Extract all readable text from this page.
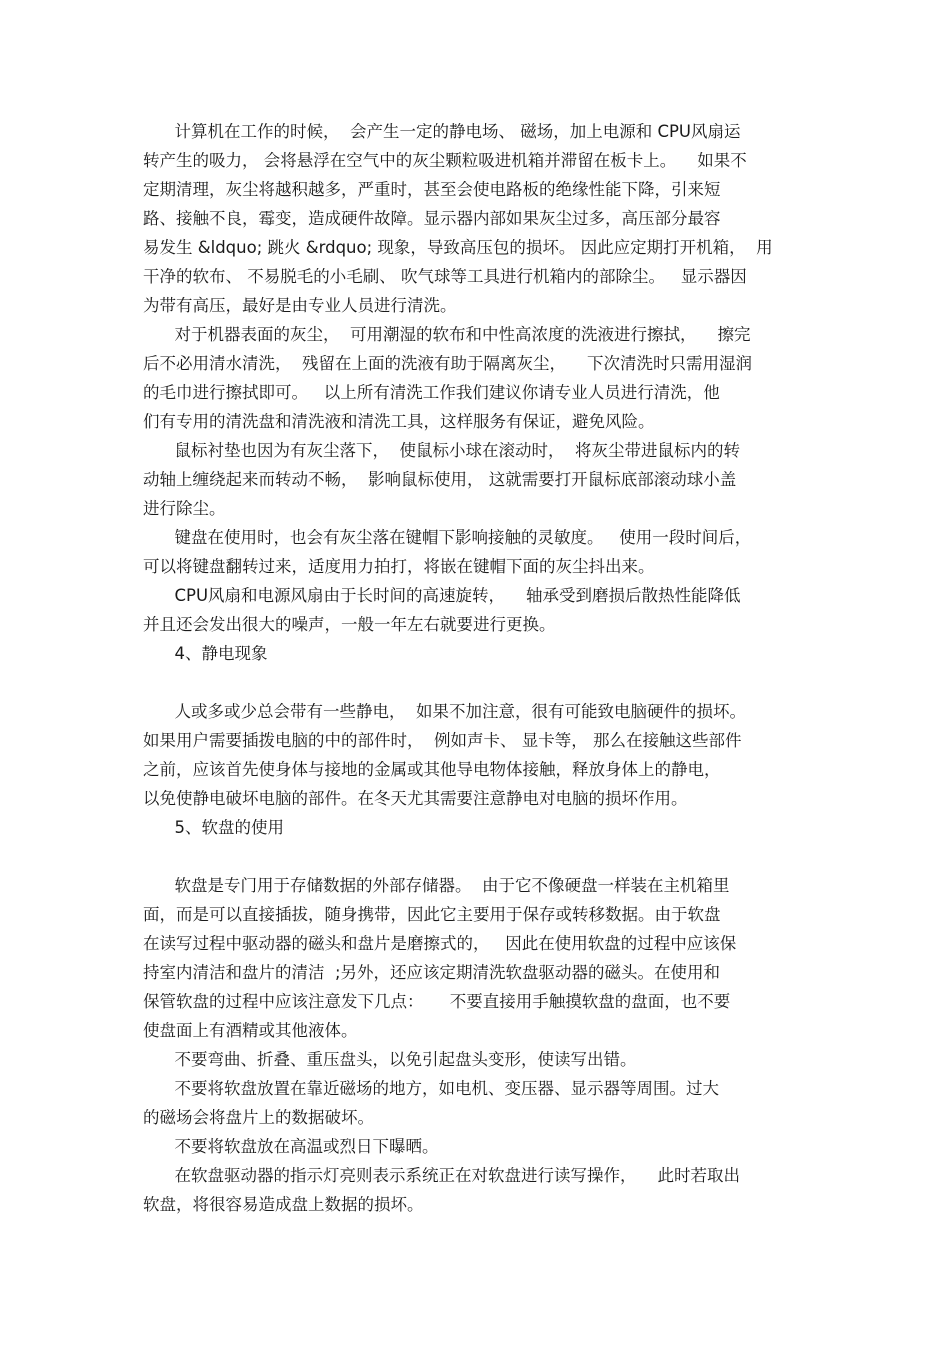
计算机在工作的时候，  会产生一定的静电场、 磁场，加上电源和 CPU风扇运
转产生的吸力， 会将悬浮在空气中的灰尘颗粒吸进机箱并滞留在板卡上。    如果不
定期清理，灰尘将越积越多，严重时，甚至会使电路板的绝缘性能下降，引来短
路、接触不良，霉变，造成硬件故障。显示器内部如果灰尘过多，高压部分最容
易发生 &ldquo; 跳火 &rdquo; 现象，导致高压包的损坏。 因此应定期打开机箱，  用
干净的软布、 不易脱毛的小毛刷、 吹气球等工具进行机箱内的部除尘。   显示器因
为带有高压，最好是由专业人员进行清洗。
对于机器表面的灰尘，  可用潮湿的软布和中性高浓度的洗液进行擦拭，    擦完
后不必用清水清洗，  残留在上面的洗液有助于隔离灰尘，    下次清洗时只需用湿润
的毛巾进行擦拭即可。   以上所有清洗工作我们建议你请专业人员进行清洗，他
们有专用的清洗盘和清洗液和清洗工具，这样服务有保证，避免风险。
鼠标衬垫也因为有灰尘落下，  使鼠标小球在滚动时，  将灰尘带进鼠标内的转
动轴上缠绕起来而转动不畅，  影响鼠标使用， 这就需要打开鼠标底部滚动球小盖
进行除尘。
键盘在使用时，也会有灰尘落在键帽下影响接触的灵敏度。   使用一段时间后，
可以将键盘翻转过来，适度用力拍打，将嵌在键帽下面的灰尘抖出来。
CPU风扇和电源风扇由于长时间的高速旋转，    轴承受到磨损后散热性能降低
并且还会发出很大的噪声，一般一年左右就要进行更换。
4、静电现象
人或多或少总会带有一些静电，  如果不加注意，很有可能致电脑硬件的损坏。
如果用户需要插拨电脑的中的部件时，  例如声卡、 显卡等， 那么在接触这些部件
之前，应该首先使身体与接地的金属或其他导电物体接触，释放身体上的静电，
以免使静电破坏电脑的部件。在冬天尤其需要注意静电对电脑的损坏作用。
5、软盘的使用
软盘是专门用于存储数据的外部存储器。  由于它不像硬盘一样装在主机箱里
面，而是可以直接插拔，随身携带，因此它主要用于保存或转移数据。由于软盘
在读写过程中驱动器的磁头和盘片是磨擦式的，   因此在使用软盘的过程中应该保
持室内清洁和盘片的清洁  ;另外，还应该定期清洗软盘驱动器的磁头。在使用和
保管软盘的过程中应该注意发下几点：     不要直接用手触摸软盘的盘面，也不要
使盘面上有酒精或其他液体。
不要弯曲、折叠、重压盘头，以免引起盘头变形，使读写出错。
不要将软盘放置在靠近磁场的地方，如电机、变压器、显示器等周围。过大
的磁场会将盘片上的数据破坏。
不要将软盘放在高温或烈日下曝晒。
在软盘驱动器的指示灯亮则表示系统正在对软盘进行读写操作，    此时若取出
软盘，将很容易造成盘上数据的损坏。
